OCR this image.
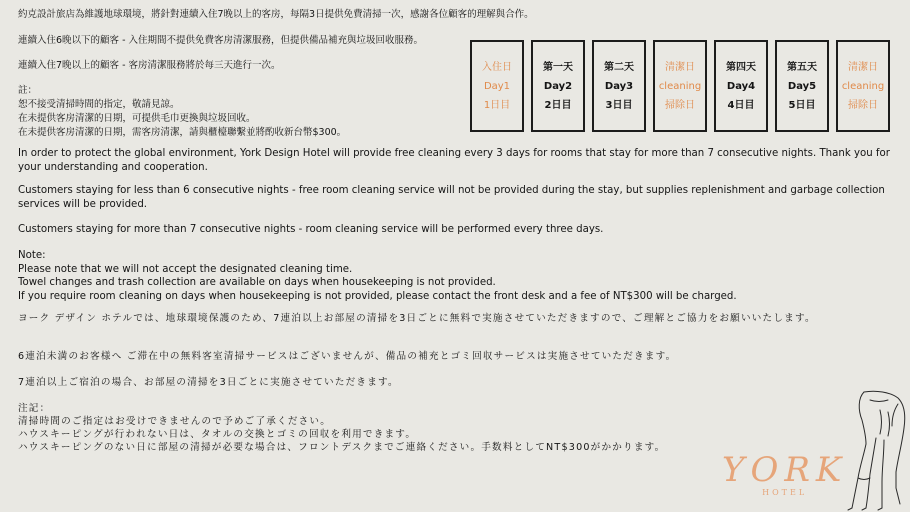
約克設計旅店為維護地球環境，將針對連續入住7晚以上的客房，每隔3日提供免費清掃一次，感謝各位顧客的理解與合作。
連續入住6晚以下的顧客 - 入住期間不提供免費客房清潔服務，但提供備品補充與垃圾回收服務。
連續入住7晚以上的顧客 - 客房清潔服務將於每三天進行一次。
註：
恕不接受清掃時間的指定，敬請見諒。
在未提供客房清潔的日期，可提供毛巾更換與垃圾回收。
在未提供客房清潔的日期，需客房清潔，請與櫃檯聯繫並將酌收新台幣$300。
入住日
Day1
1日目
第一天
Day2
2日目
第二天
Day3
3日目
清潔日
cleaning
掃除日
第四天
Day4
4日目
第五天
Day5
5日目
清潔日
cleaning
掃除日
In order to protect the global environment, York Design Hotel will provide free cleaning every 3 days for rooms that stay for more than 7 consecutive nights. Thank you for your understanding and cooperation.
Customers staying for less than 6 consecutive nights - free room cleaning service will not be provided during the stay, but supplies replenishment and garbage collection services will be provided.
Customers staying for more than 7 consecutive nights - room cleaning service will be performed every three days.
Note:
Please note that we will not accept the designated cleaning time.
Towel changes and trash collection are available on days when housekeeping is not provided.
If you require room cleaning on days when housekeeping is not provided, please contact the front desk and a fee of NT$300 will be charged.
ヨーク デザイン ホテルでは、地球環境保護のため、7連泊以上お部屋の清掃を3日ごとに無料で実施させていただきますので、ご理解とご協力をお願いいたします。
6連泊未満のお客様へ ご滞在中の無料客室清掃サービスはございませんが、備品の補充とゴミ回収サービスは実施させていただきます。
7連泊以上ご宿泊の場合、お部屋の清掃を3日ごとに実施させていただきます。
注記：
清掃時間のご指定はお受けできませんので予めご了承ください。
ハウスキーピングが行われない日は、タオルの交換とゴミの回収を利用できます。
ハウスキーピングのない日に部屋の清掃が必要な場合は、フロントデスクまでご連絡ください。手数料としてNT$300がかかります。
YORK
HOTEL
